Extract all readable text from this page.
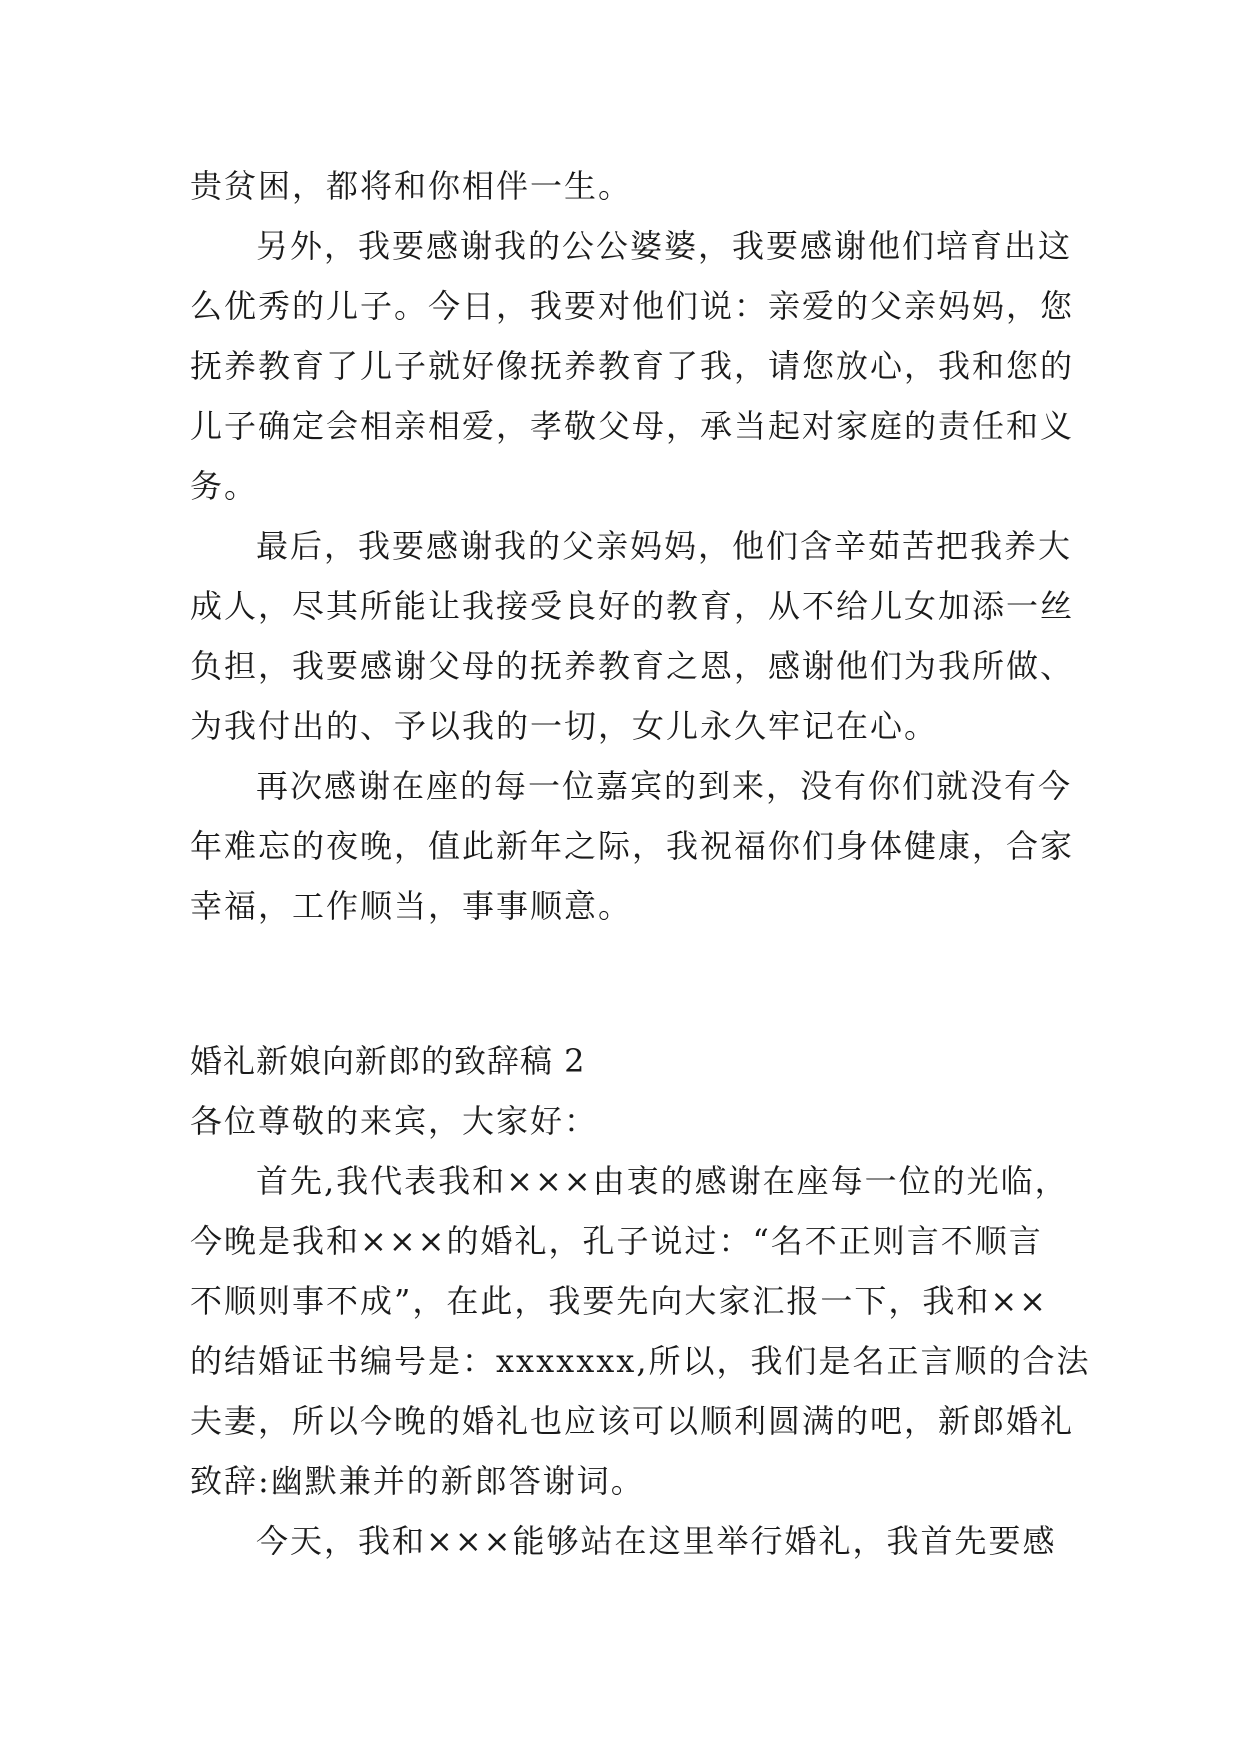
贵贫困，都将和你相伴一生。
另外，我要感谢我的公公婆婆，我要感谢他们培育出这
么优秀的儿子。今日，我要对他们说：亲爱的父亲妈妈，您
抚养教育了儿子就好像抚养教育了我，请您放心，我和您的
儿子确定会相亲相爱，孝敬父母，承当起对家庭的责任和义
务。
最后，我要感谢我的父亲妈妈，他们含辛茹苦把我养大
成人，尽其所能让我接受良好的教育，从不给儿女加添一丝
负担，我要感谢父母的抚养教育之恩，感谢他们为我所做、
为我付出的、予以我的一切，女儿永久牢记在心。
再次感谢在座的每一位嘉宾的到来，没有你们就没有今
年难忘的夜晚，值此新年之际，我祝福你们身体健康，合家
幸福，工作顺当，事事顺意。
婚礼新娘向新郎的致辞稿 2
各位尊敬的来宾，大家好：
首先,我代表我和×××由衷的感谢在座每一位的光临，
今晚是我和×××的婚礼，孔子说过：“名不正则言不顺言
不顺则事不成”，在此，我要先向大家汇报一下，我和××
的结婚证书编号是：xxxxxxx,所以，我们是名正言顺的合法
夫妻，所以今晚的婚礼也应该可以顺利圆满的吧，新郎婚礼
致辞:幽默兼并的新郎答谢词。
今天，我和×××能够站在这里举行婚礼，我首先要感
